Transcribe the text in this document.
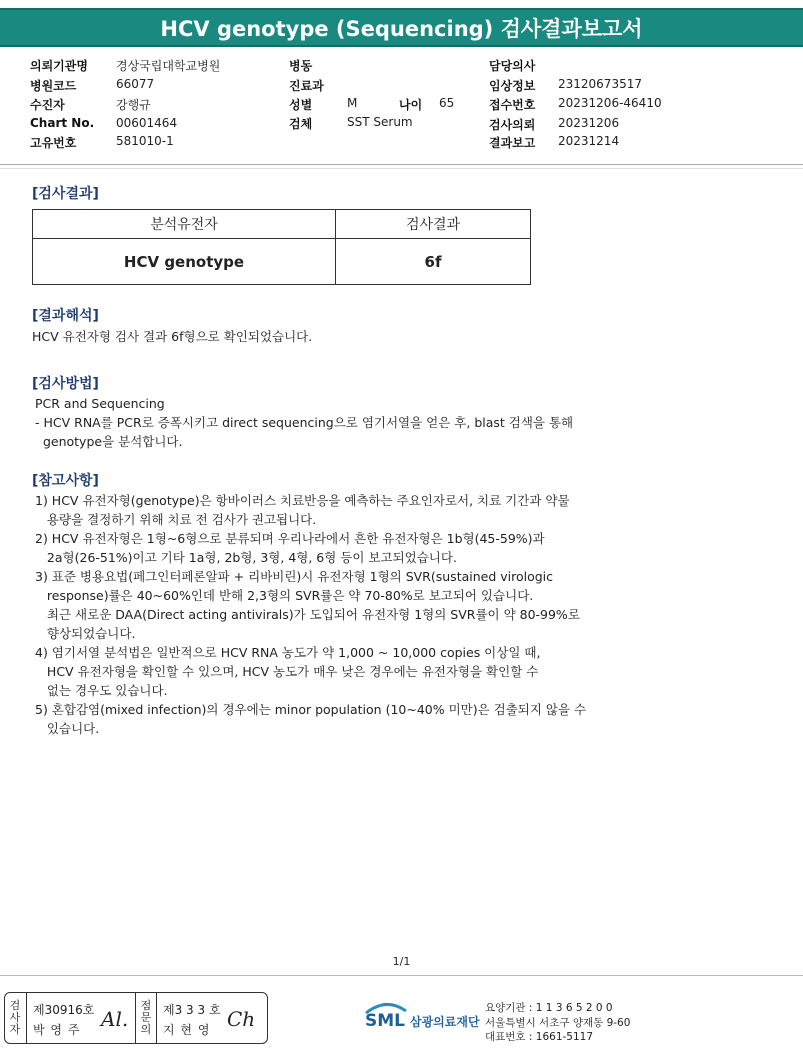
HCV genotype (Sequencing) 검사결과보고서
의뢰기관명 경상국립대학교병원
병원코드	66077
수진자	강행규
Chart No. 00601464
고유번호	581010-1
병동
진료과
성별	M	나이 65
검체	SST Serum
담당의사
임상정보 23120673517
접수번호 20231206-46410
검사의뢰 20231206
결과보고 20231214
[검사결과]
분석유전자	검사결과
HCV genotype	6f
[결과해석]
HCV 유전자형 검사 결과 6f형으로 확인되었습니다.
[검사방법]
PCR and Sequencing
- HCV RNA를 PCR로 증폭시키고 direct sequencing으로 염기서열을 얻은 후, blast 검색을 통해
genotype을 분석합니다.
[참고사항]
1) HCV 유전자형(genotype)은 항바이러스 치료반응을 예측하는 주요인자로서, 치료 기간과 약물
용량을 결정하기 위해 치료 전 검사가 권고됩니다.
2) HCV 유전자형은 1형~6형으로 분류되며 우리나라에서 흔한 유전자형은 1b형(45-59%)과
2a형(26-51%)이고 기타 1a형, 2b형, 3형, 4형, 6형 등이 보고되었습니다.
3) 표준 병용요법(페그인터페론알파 + 리바비린)시 유전자형 1형의 SVR(sustained virologic
response)률은 40~60%인데 반해 2,3형의 SVR률은 약 70-80%로 보고되어 있습니다.
최근 새로운 DAA(Direct acting antivirals)가 도입되어 유전자형 1형의 SVR률이 약 80-99%로
향상되었습니다.
4) 염기서열 분석법은 일반적으로 HCV RNA 농도가 약 1,000 ~ 10,000 copies 이상일 때,
HCV 유전자형을 확인할 수 있으며, HCV 농도가 매우 낮은 경우에는 유전자형을 확인할 수
없는 경우도 있습니다.
5) 혼합감염(mixed infection)의 경우에는 minor population (10~40% 미만)은 검출되지 않을 수
있습니다.
1/1
검
사
자
제30916호
박 영 주 Al.
점
문
의
제3 3 3 호
지 현 영 Ch	SML 삼광의료재단
요양기관 : 1 1 3 6 5 2 0 0
서울특별시 서초구 양재동 9-60
대표번호 : 1661-5117
